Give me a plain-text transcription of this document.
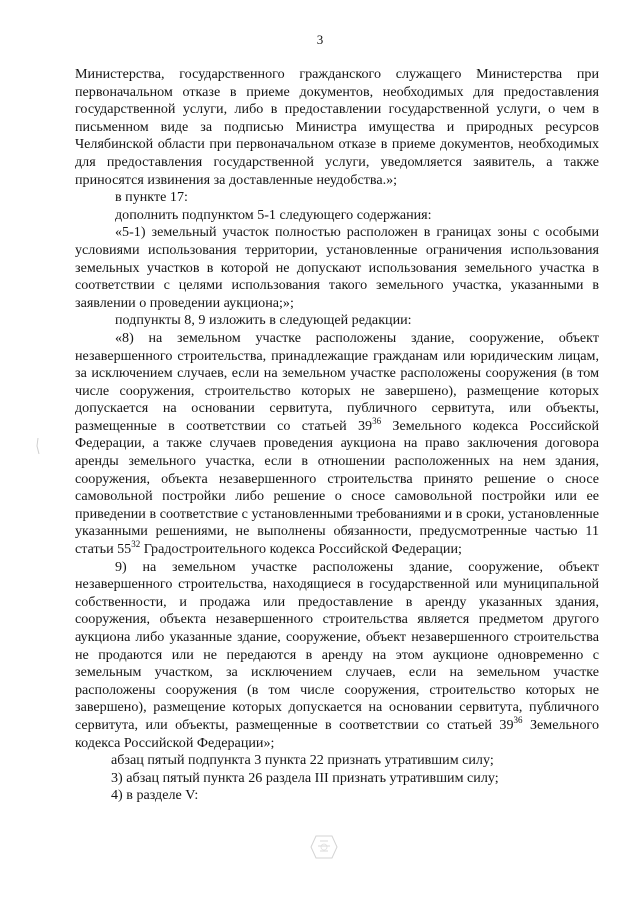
3

Министерства, государственного гражданского служащего Министерства при первоначальном отказе в приеме документов, необходимых для предоставления государственной услуги, либо в предоставлении государственной услуги, о чем в письменном виде за подписью Министра имущества и природных ресурсов Челябинской области при первоначальном отказе в приеме документов, необходимых для предоставления государственной услуги, уведомляется заявитель, а также приносятся извинения за доставленные неудобства.»;

в пункте 17:

дополнить подпунктом 5-1 следующего содержания:

«5-1) земельный участок полностью расположен в границах зоны с особыми условиями использования территории, установленные ограничения использования земельных участков в которой не допускают использования земельного участка в соответствии с целями использования такого земельного участка, указанными в заявлении о проведении аукциона;»;

подпункты 8, 9 изложить в следующей редакции:

«8) на земельном участке расположены здание, сооружение, объект незавершенного строительства, принадлежащие гражданам или юридическим лицам, за исключением случаев, если на земельном участке расположены сооружения (в том числе сооружения, строительство которых не завершено), размещение которых допускается на основании сервитута, публичного сервитута, или объекты, размещенные в соответствии со статьей $39^{36}$ Земельного кодекса Российской Федерации, а также случаев проведения аукциона на право заключения договора аренды земельного участка, если в отношении расположенных на нем здания, сооружения, объекта незавершенного строительства принято решение о сносе самовольной постройки либо решение о сносе самовольной постройки или ее приведении в соответствие с установленными требованиями и в сроки, установленные указанными решениями, не выполнены обязанности, предусмотренные частью 11 статьи $55^{32}$ Градостроительного кодекса Российской Федерации;

9) на земельном участке расположены здание, сооружение, объект незавершенного строительства, находящиеся в государственной или муниципальной собственности, и продажа или предоставление в аренду указанных здания, сооружения, объекта незавершенного строительства является предметом другого аукциона либо указанные здание, сооружение, объект незавершенного строительства не продаются или не передаются в аренду на этом аукционе одновременно с земельным участком, за исключением случаев, если на земельном участке расположены сооружения (в том числе сооружения, строительство которых не завершено), размещение которых допускается на основании сервитута, публичного сервитута, или объекты, размещенные в соответствии со статьей $39^{36}$ Земельного кодекса Российской Федерации»;

абзац пятый подпункта 3 пункта 22 признать утратившим силу;

3) абзац пятый пункта 26 раздела III признать утратившим силу;

4) в разделе V:
